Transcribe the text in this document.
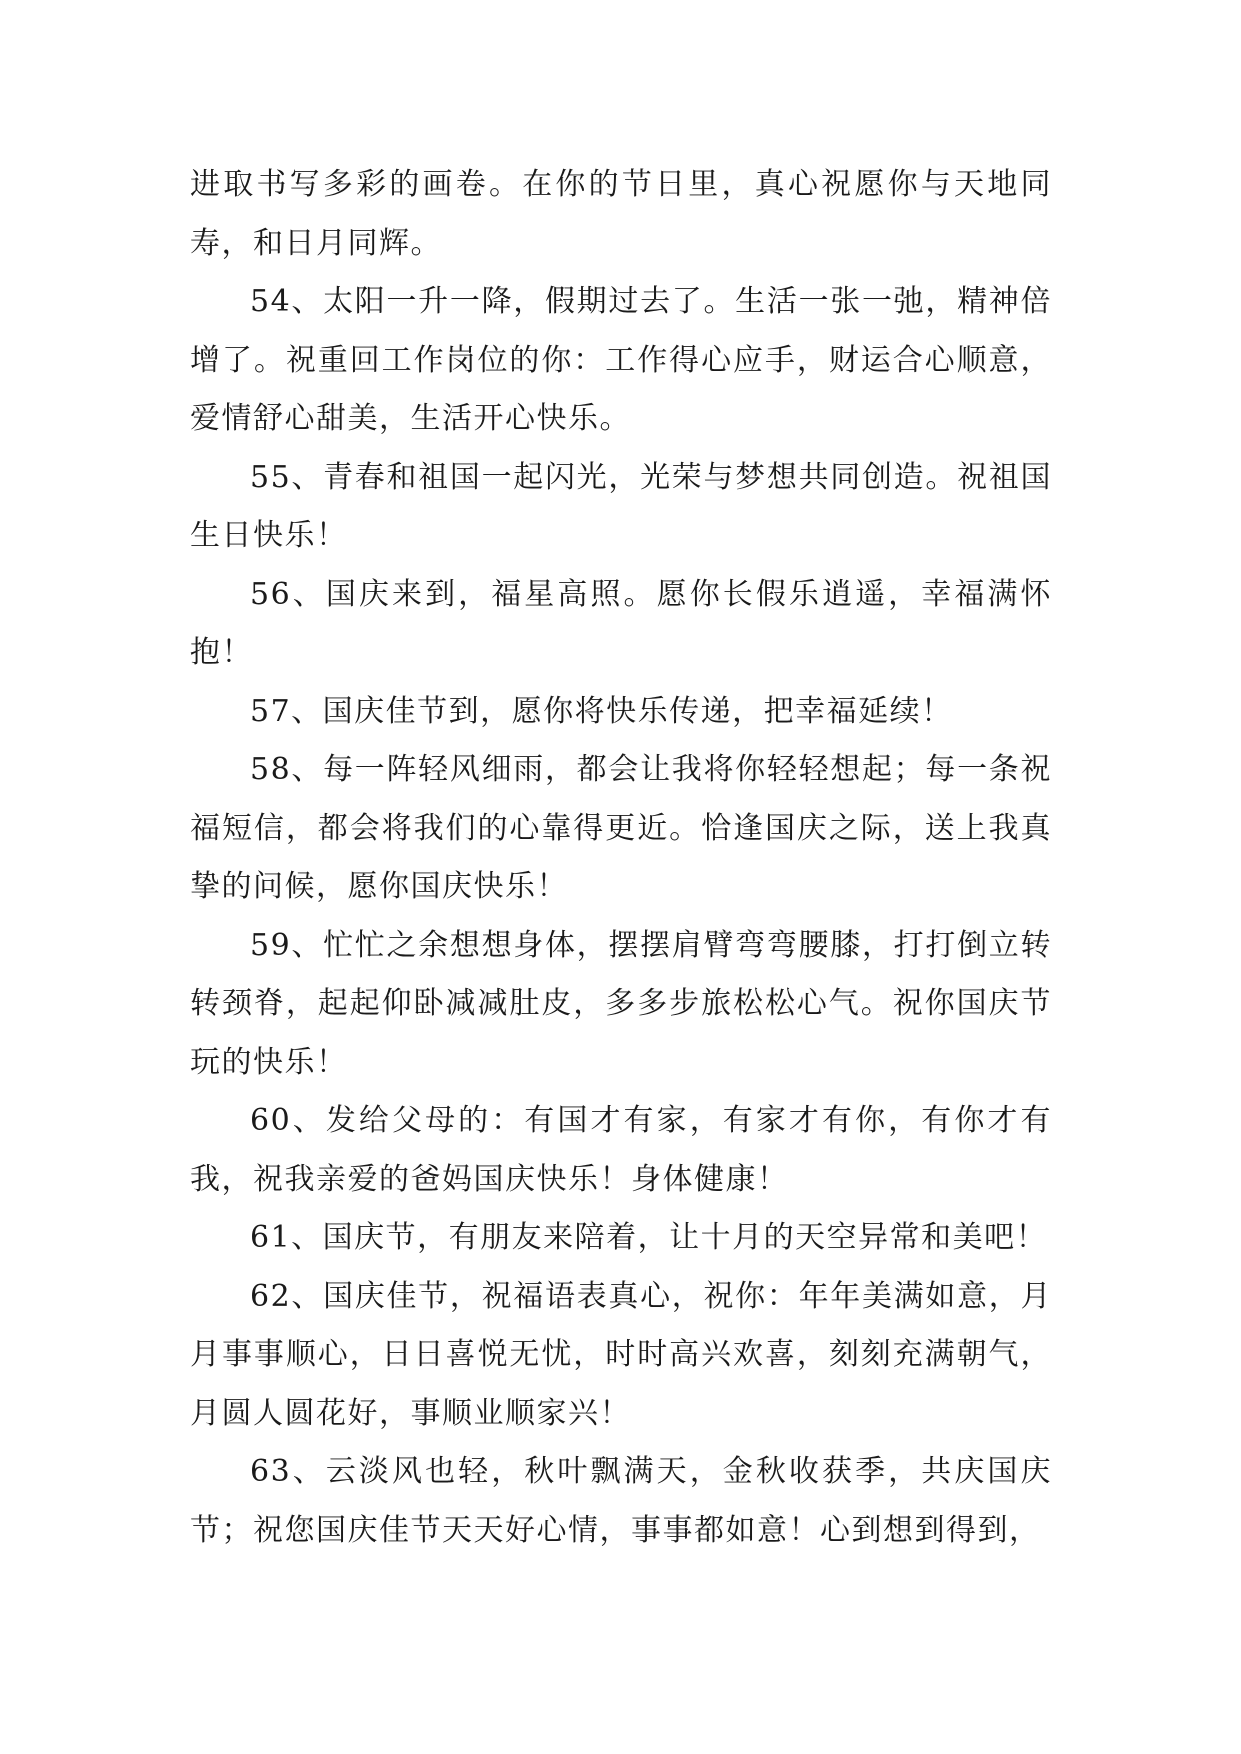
进取书写多彩的画卷。在你的节日里，真心祝愿你与天地同寿，和日月同辉。

54、太阳一升一降，假期过去了。生活一张一弛，精神倍增了。祝重回工作岗位的你：工作得心应手，财运合心顺意，爱情舒心甜美，生活开心快乐。

55、青春和祖国一起闪光，光荣与梦想共同创造。祝祖国生日快乐！

56、国庆来到，福星高照。愿你长假乐逍遥，幸福满怀抱！

57、国庆佳节到，愿你将快乐传递，把幸福延续！

58、每一阵轻风细雨，都会让我将你轻轻想起；每一条祝福短信，都会将我们的心靠得更近。恰逢国庆之际，送上我真挚的问候，愿你国庆快乐！

59、忙忙之余想想身体，摆摆肩臂弯弯腰膝，打打倒立转转颈脊，起起仰卧减减肚皮，多多步旅松松心气。祝你国庆节玩的快乐！

60、发给父母的：有国才有家，有家才有你，有你才有我，祝我亲爱的爸妈国庆快乐！身体健康！

61、国庆节，有朋友来陪着，让十月的天空异常和美吧！

62、国庆佳节，祝福语表真心，祝你：年年美满如意，月月事事顺心，日日喜悦无忧，时时高兴欢喜，刻刻充满朝气，月圆人圆花好，事顺业顺家兴！

63、云淡风也轻，秋叶飘满天，金秋收获季，共庆国庆节；祝您国庆佳节天天好心情，事事都如意！心到想到得到，
